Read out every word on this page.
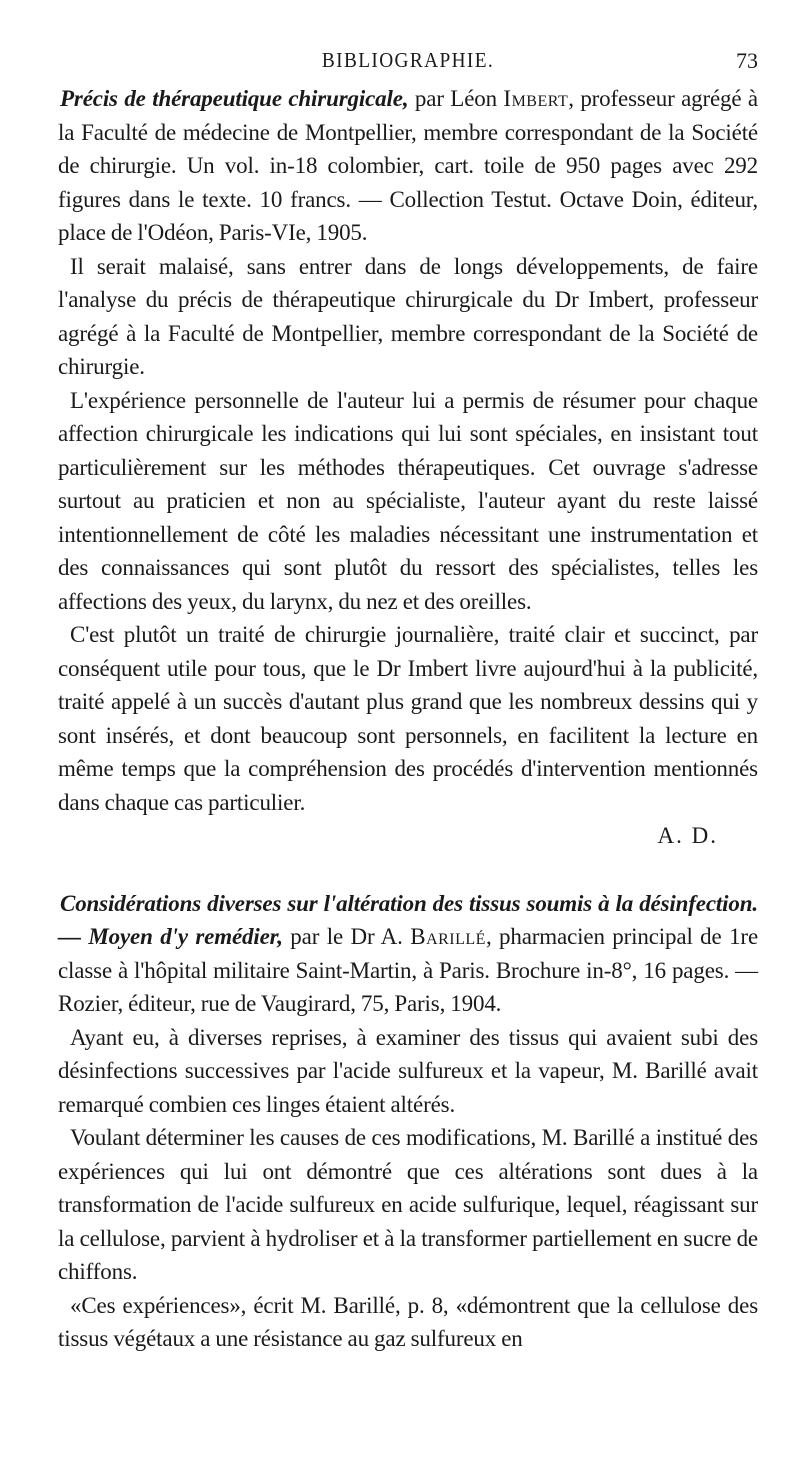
BIBLIOGRAPHIE.	73

Précis de thérapeutique chirurgicale, par Léon Imbert, professeur agrégé à la Faculté de médecine de Montpellier, membre correspondant de la Société de chirurgie. Un vol. in-18 colombier, cart. toile de 950 pages avec 292 figures dans le texte. 10 francs. — Collection Testut. Octave Doin, éditeur, place de l'Odéon, Paris-VIe, 1905.

Il serait malaisé, sans entrer dans de longs développements, de faire l'analyse du précis de thérapeutique chirurgicale du Dr Imbert, professeur agrégé à la Faculté de Montpellier, membre correspondant de la Société de chirurgie.

L'expérience personnelle de l'auteur lui a permis de résumer pour chaque affection chirurgicale les indications qui lui sont spéciales, en insistant tout particulièrement sur les méthodes thérapeutiques. Cet ouvrage s'adresse surtout au praticien et non au spécialiste, l'auteur ayant du reste laissé intentionnellement de côté les maladies nécessitant une instrumentation et des connaissances qui sont plutôt du ressort des spécialistes, telles les affections des yeux, du larynx, du nez et des oreilles.

C'est plutôt un traité de chirurgie journalière, traité clair et succinct, par conséquent utile pour tous, que le Dr Imbert livre aujourd'hui à la publicité, traité appelé à un succès d'autant plus grand que les nombreux dessins qui y sont insérés, et dont beaucoup sont personnels, en facilitent la lecture en même temps que la compréhension des procédés d'intervention mentionnés dans chaque cas particulier.

A. D.

Considérations diverses sur l'altération des tissus soumis à la désinfection. — Moyen d'y remédier, par le Dr A. Barillé, pharmacien principal de 1re classe à l'hôpital militaire Saint-Martin, à Paris. Brochure in-8°, 16 pages. — Rozier, éditeur, rue de Vaugirard, 75, Paris, 1904.

Ayant eu, à diverses reprises, à examiner des tissus qui avaient subi des désinfections successives par l'acide sulfureux et la vapeur, M. Barillé avait remarqué combien ces linges étaient altérés.

Voulant déterminer les causes de ces modifications, M. Barillé a institué des expériences qui lui ont démontré que ces altérations sont dues à la transformation de l'acide sulfureux en acide sulfurique, lequel, réagissant sur la cellulose, parvient à hydroliser et à la transformer partiellement en sucre de chiffons.

«Ces expériences», écrit M. Barillé, p. 8, «démontrent que la cellulose des tissus végétaux a une résistance au gaz sulfureux en
